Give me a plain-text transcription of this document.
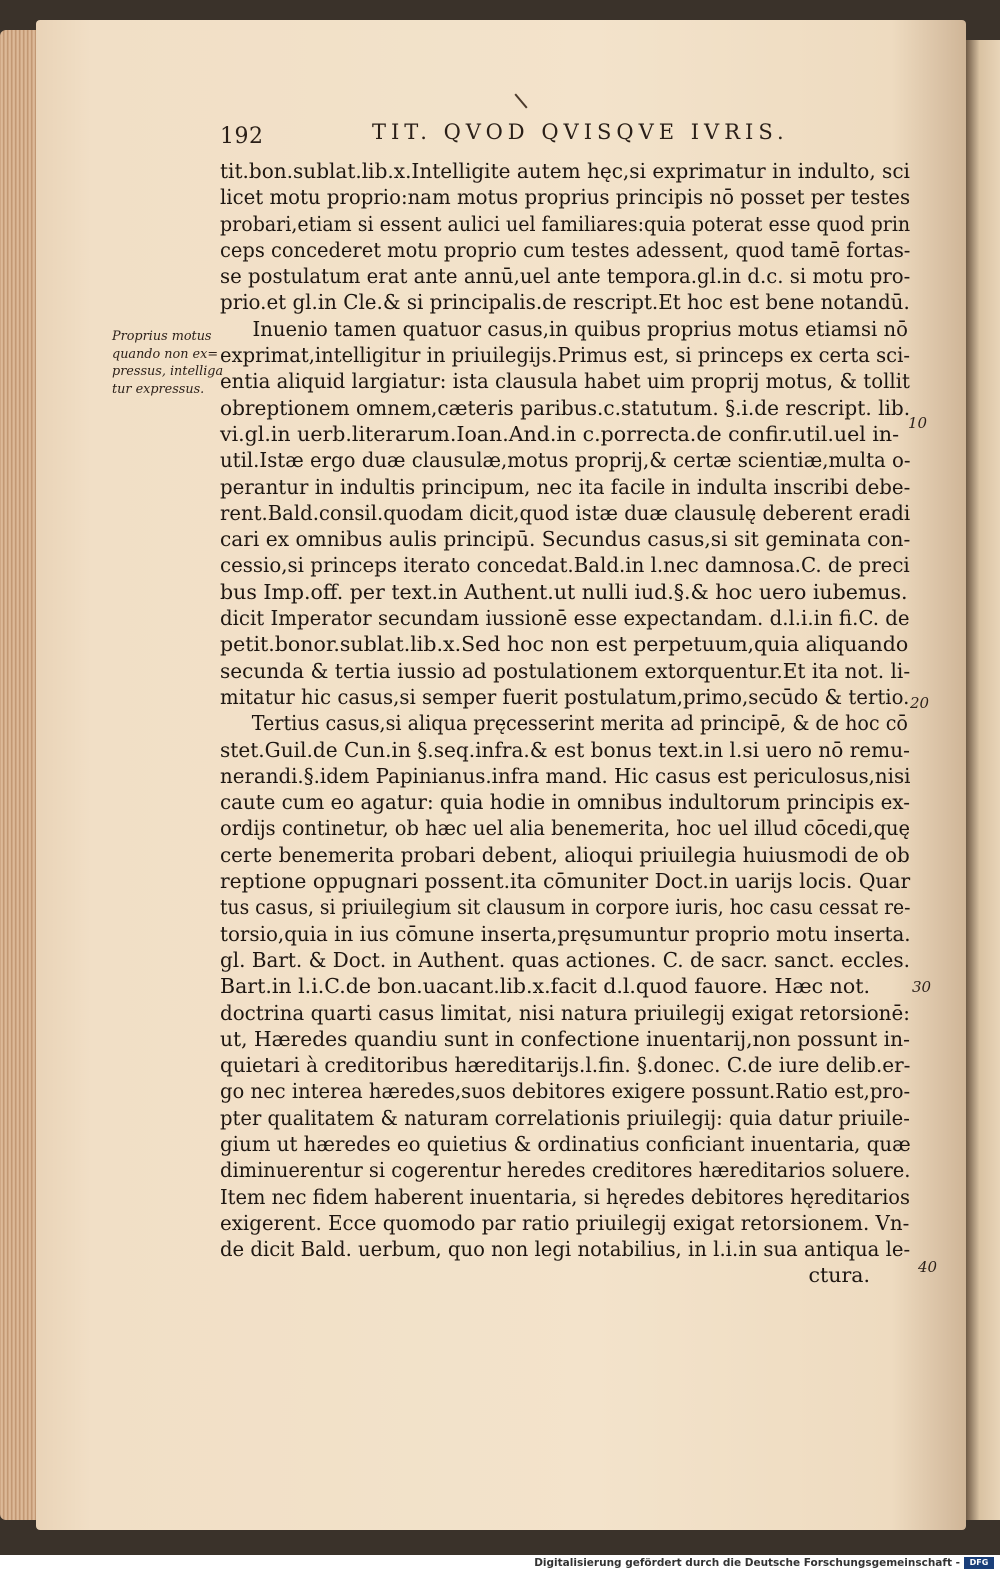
192	TIT. QVOD QVISQVE IVRIS.
Proprius motus
quando non ex=
pressus, intelliga
tur expressus.
tit.bon.sublat.lib.x.Intelligite autem hęc,si exprimatur in indulto, sci
licet motu proprio:nam motus proprius principis nō posset per testes
probari,etiam si essent aulici uel familiares:quia poterat esse quod prin
ceps concederet motu proprio cum testes adessent, quod tamē fortas-
se postulatum erat ante annū,uel ante tempora.gl.in d.c. si motu pro-
prio.et gl.in Cle.& si principalis.de rescript.Et hoc est bene notandū.
Inuenio tamen quatuor casus,in quibus proprius motus etiamsi nō
exprimat,intelligitur in priuilegijs.Primus est, si princeps ex certa sci-
entia aliquid largiatur: ista clausula habet uim proprij motus, & tollit
obreptionem omnem,cæteris paribus.c.statutum. §.i.de rescript. lib.
vi.gl.in uerb.literarum.Ioan.And.in c.porrecta.de confir.util.uel in-
util.Istæ ergo duæ clausulæ,motus proprij,& certæ scientiæ,multa o-
perantur in indultis principum, nec ita facile in indulta inscribi debe-
rent.Bald.consil.quodam dicit,quod istæ duæ clausulę deberent eradi
cari ex omnibus aulis principū. Secundus casus,si sit geminata con-
cessio,si princeps iterato concedat.Bald.in l.nec damnosa.C. de preci
bus Imp.off. per text.in Authent.ut nulli iud.§.& hoc uero iubemus.
dicit Imperator secundam iussionē esse expectandam. d.l.i.in fi.C. de
petit.bonor.sublat.lib.x.Sed hoc non est perpetuum,quia aliquando
secunda & tertia iussio ad postulationem extorquentur.Et ita not. li-
mitatur hic casus,si semper fuerit postulatum,primo,secūdo & tertio.
Tertius casus,si aliqua pręcesserint merita ad principē, & de hoc cō
stet.Guil.de Cun.in §.seq.infra.& est bonus text.in l.si uero nō remu-
nerandi.§.idem Papinianus.infra mand. Hic casus est periculosus,nisi
caute cum eo agatur: quia hodie in omnibus indultorum principis ex-
ordijs continetur, ob hæc uel alia benemerita, hoc uel illud cōcedi,quę
certe benemerita probari debent, alioqui priuilegia huiusmodi de ob
reptione oppugnari possent.ita cōmuniter Doct.in uarijs locis. Quar
tus casus, si priuilegium sit clausum in corpore iuris, hoc casu cessat re-
torsio,quia in ius cōmune inserta,pręsumuntur proprio motu inserta.
gl. Bart. & Doct. in Authent. quas actiones. C. de sacr. sanct. eccles.
Bart.in l.i.C.de bon.uacant.lib.x.facit d.l.quod fauore. Hæc not.
doctrina quarti casus limitat, nisi natura priuilegij exigat retorsionē:
ut, Hæredes quandiu sunt in confectione inuentarij,non possunt in-
quietari à creditoribus hæreditarijs.l.fin. §.donec. C.de iure delib.er-
go nec interea hæredes,suos debitores exigere possunt.Ratio est,pro-
pter qualitatem & naturam correlationis priuilegij: quia datur priuile-
gium ut hæredes eo quietius & ordinatius conficiant inuentaria, quæ
diminuerentur si cogerentur heredes creditores hæreditarios soluere.
Item nec fidem haberent inuentaria, si hęredes debitores hęreditarios
exigerent. Ecce quomodo par ratio priuilegij exigat retorsionem. Vn-
de dicit Bald. uerbum, quo non legi notabilius, in l.i.in sua antiqua le-
ctura.
10
20
30
40
Digitalisierung gefördert durch die Deutsche Forschungsgemeinschaft -	DFG
